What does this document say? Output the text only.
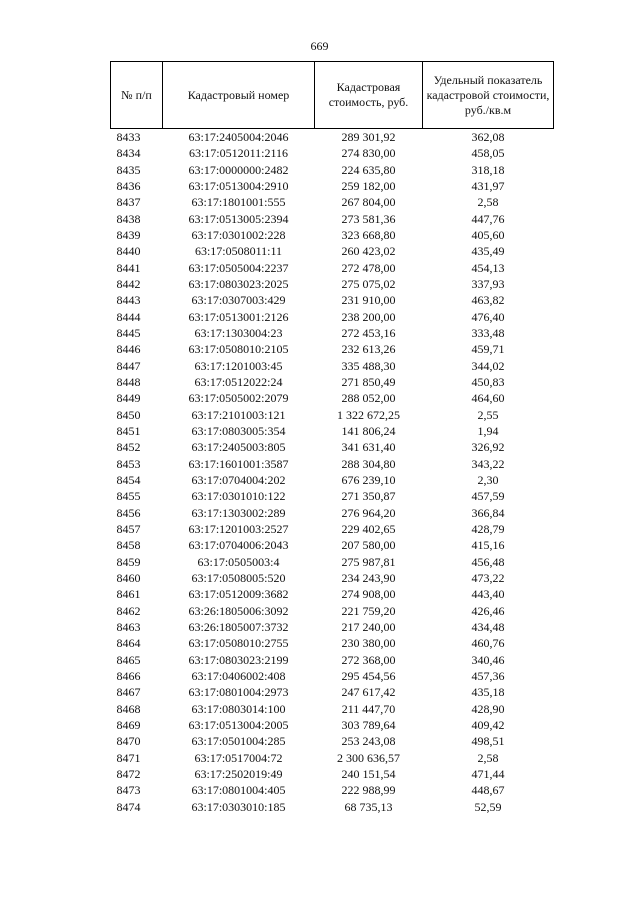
669
№ п/п	Кадастровый номер	Кадастровая стоимость, руб.	Удельный показатель кадастровой стоимости, руб./кв.м
8433	63:17:2405004:2046	289 301,92	362,08
8434	63:17:0512011:2116	274 830,00	458,05
8435	63:17:0000000:2482	224 635,80	318,18
8436	63:17:0513004:2910	259 182,00	431,97
8437	63:17:1801001:555	267 804,00	2,58
8438	63:17:0513005:2394	273 581,36	447,76
8439	63:17:0301002:228	323 668,80	405,60
8440	63:17:0508011:11	260 423,02	435,49
8441	63:17:0505004:2237	272 478,00	454,13
8442	63:17:0803023:2025	275 075,02	337,93
8443	63:17:0307003:429	231 910,00	463,82
8444	63:17:0513001:2126	238 200,00	476,40
8445	63:17:1303004:23	272 453,16	333,48
8446	63:17:0508010:2105	232 613,26	459,71
8447	63:17:1201003:45	335 488,30	344,02
8448	63:17:0512022:24	271 850,49	450,83
8449	63:17:0505002:2079	288 052,00	464,60
8450	63:17:2101003:121	1 322 672,25	2,55
8451	63:17:0803005:354	141 806,24	1,94
8452	63:17:2405003:805	341 631,40	326,92
8453	63:17:1601001:3587	288 304,80	343,22
8454	63:17:0704004:202	676 239,10	2,30
8455	63:17:0301010:122	271 350,87	457,59
8456	63:17:1303002:289	276 964,20	366,84
8457	63:17:1201003:2527	229 402,65	428,79
8458	63:17:0704006:2043	207 580,00	415,16
8459	63:17:0505003:4	275 987,81	456,48
8460	63:17:0508005:520	234 243,90	473,22
8461	63:17:0512009:3682	274 908,00	443,40
8462	63:26:1805006:3092	221 759,20	426,46
8463	63:26:1805007:3732	217 240,00	434,48
8464	63:17:0508010:2755	230 380,00	460,76
8465	63:17:0803023:2199	272 368,00	340,46
8466	63:17:0406002:408	295 454,56	457,36
8467	63:17:0801004:2973	247 617,42	435,18
8468	63:17:0803014:100	211 447,70	428,90
8469	63:17:0513004:2005	303 789,64	409,42
8470	63:17:0501004:285	253 243,08	498,51
8471	63:17:0517004:72	2 300 636,57	2,58
8472	63:17:2502019:49	240 151,54	471,44
8473	63:17:0801004:405	222 988,99	448,67
8474	63:17:0303010:185	68 735,13	52,59
